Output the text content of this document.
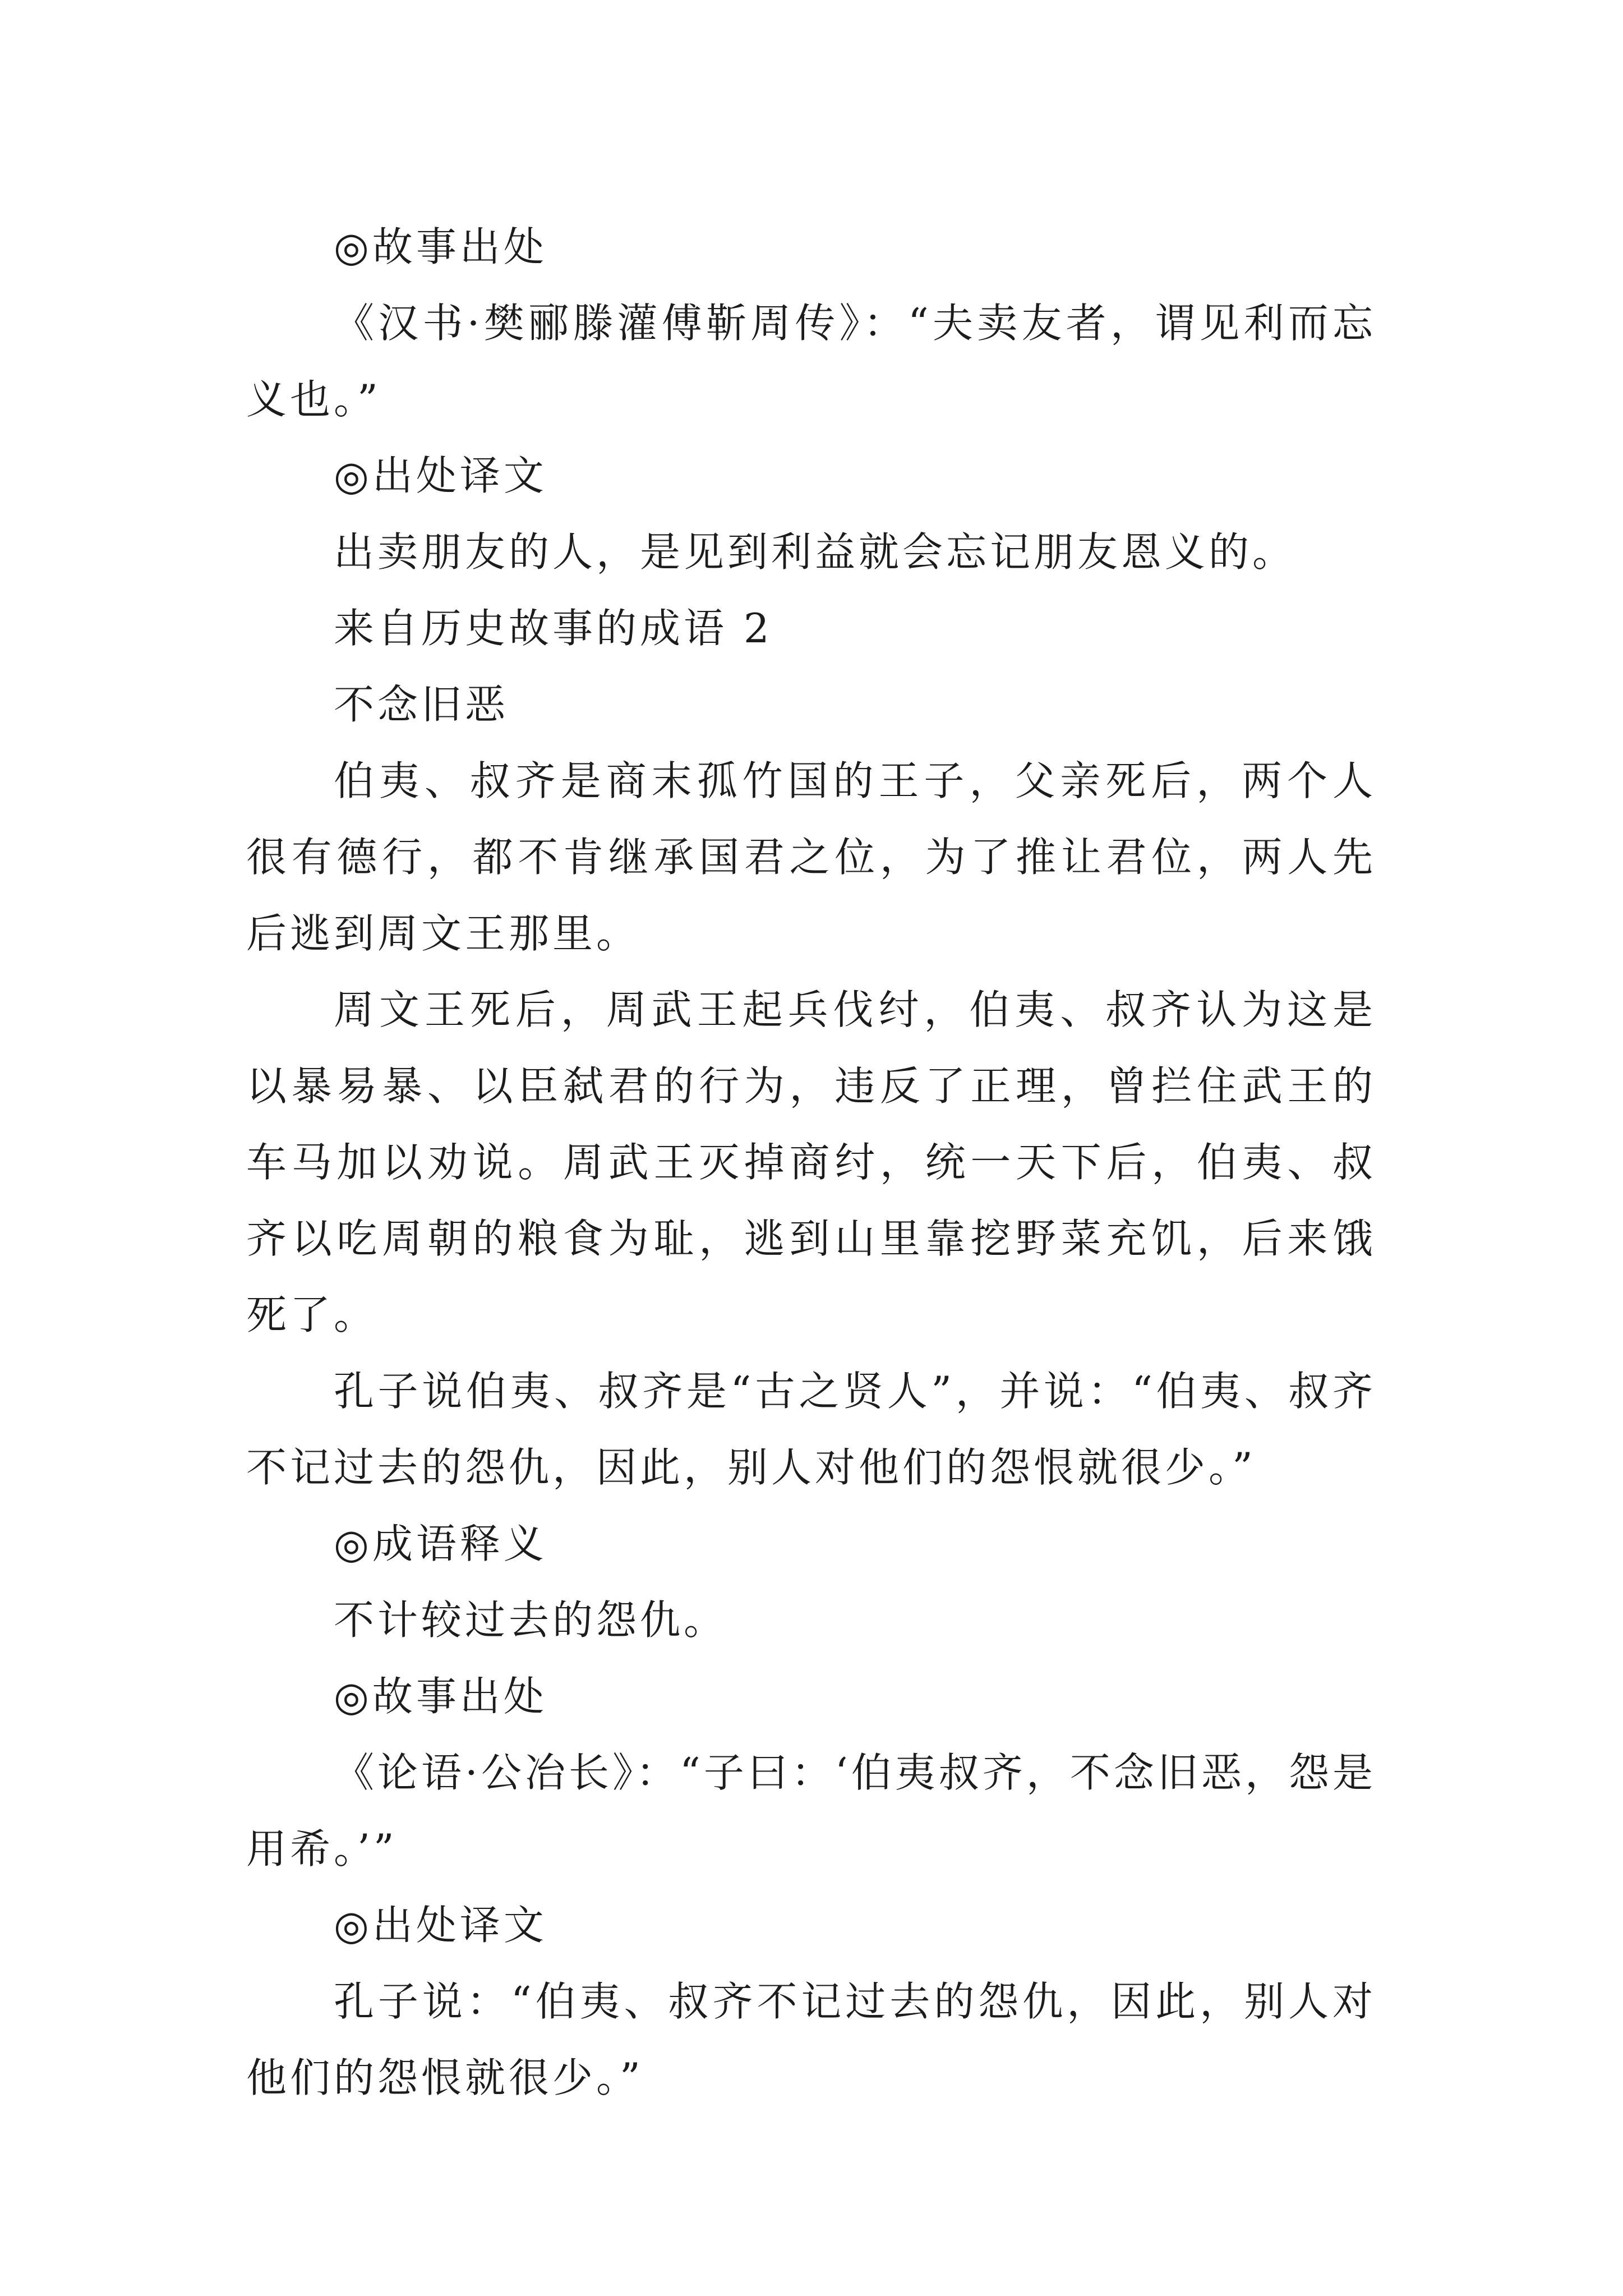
◎故事出处

《汉书·樊郦滕灌傅靳周传》：“夫卖友者，谓见利而忘义也。”

◎出处译文

出卖朋友的人，是见到利益就会忘记朋友恩义的。

来自历史故事的成语 2

不念旧恶

伯夷、叔齐是商末孤竹国的王子，父亲死后，两个人很有德行，都不肯继承国君之位，为了推让君位，两人先后逃到周文王那里。

周文王死后，周武王起兵伐纣，伯夷、叔齐认为这是以暴易暴、以臣弑君的行为，违反了正理，曾拦住武王的车马加以劝说。周武王灭掉商纣，统一天下后，伯夷、叔齐以吃周朝的粮食为耻，逃到山里靠挖野菜充饥，后来饿死了。

孔子说伯夷、叔齐是“古之贤人”，并说：“伯夷、叔齐不记过去的怨仇，因此，别人对他们的怨恨就很少。”

◎成语释义

不计较过去的怨仇。

◎故事出处

《论语·公冶长》：“子曰：‘伯夷叔齐，不念旧恶，怨是用希。’”

◎出处译文

孔子说：“伯夷、叔齐不记过去的怨仇，因此，别人对他们的怨恨就很少。”
